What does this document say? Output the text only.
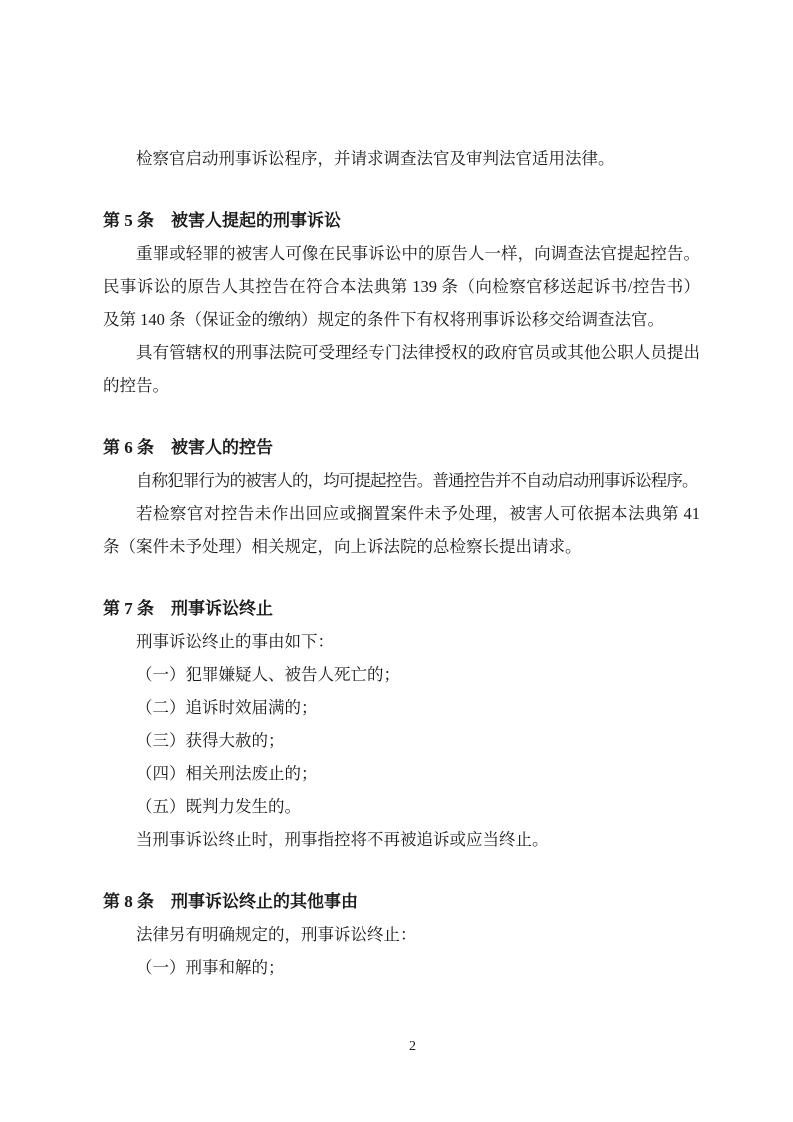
检察官启动刑事诉讼程序，并请求调查法官及审判法官适用法律。

第 5 条　被害人提起的刑事诉讼

重罪或轻罪的被害人可像在民事诉讼中的原告人一样，向调查法官提起控告。民事诉讼的原告人其控告在符合本法典第 139 条（向检察官移送起诉书/控告书）及第 140 条（保证金的缴纳）规定的条件下有权将刑事诉讼移交给调查法官。

具有管辖权的刑事法院可受理经专门法律授权的政府官员或其他公职人员提出的控告。

第 6 条　被害人的控告

自称犯罪行为的被害人的，均可提起控告。普通控告并不自动启动刑事诉讼程序。

若检察官对控告未作出回应或搁置案件未予处理，被害人可依据本法典第 41 条（案件未予处理）相关规定，向上诉法院的总检察长提出请求。

第 7 条　刑事诉讼终止

刑事诉讼终止的事由如下：

（一）犯罪嫌疑人、被告人死亡的；

（二）追诉时效届满的；

（三）获得大赦的；

（四）相关刑法废止的；

（五）既判力发生的。

当刑事诉讼终止时，刑事指控将不再被追诉或应当终止。

第 8 条　刑事诉讼终止的其他事由

法律另有明确规定的，刑事诉讼终止：

（一）刑事和解的；

2
